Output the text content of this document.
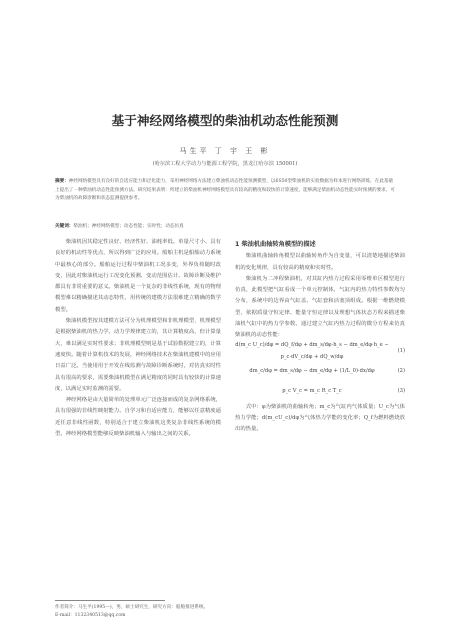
基于神经网络模型的柴油机动态性能预测
马生平 丁 宇 王 彬
(哈尔滨工程大学动力与能源工程学院，黑龙江哈尔滨 150001)
摘要：神经网络模型具有良好的自适应能力和泛化能力，采用神经网络方法建立柴油机动态性能预测模型，以6S50型柴油机的实验数据为样本进行网络训练，在此基础上提出了一种柴油机动态性能预测方法。研究结果表明：所建立的柴油机神经网络模型具有较高的精度和较快的计算速度，能够满足柴油机动态性能实时预测的要求，可为柴油机的故障诊断和状态监测提供参考。
关键词：柴油机；神经网络模型；动态性能；实时性；动态仿真

柴油机因其稳定性良好、经济性好、油耗率低、单量尺寸小、具有良好的机动性等优点，所以得到广泛的应用。船舶主机是船舶动力系统中最核心的部分。船舶运行过程中柴油机工况多变，外界负荷随时改变，因此对柴油机运行工况变化预测、变动范围估计、故障诊断及维护都具有非常重要的意义。柴油机是一个复杂的非线性系统，现有的物理模型难以精确描述其动态特性，用传统的建模方法很难建立精确的数学模型。

柴油机模型按其建模方法可分为机理模型和非机理模型，机理模型是根据柴油机的热力学、动力学规律建立的，其计算精度高，但计算量大，难以满足实时性要求；非机理模型则是基于试验数据建立的，计算速度快。随着计算机技术的发展，神经网络技术在柴油机建模中的应用日益广泛。当使用用于开发在线监测与故障诊断系统时，对仿真实时性具有很高的要求，需要柴油机模型在满足精度的同时具有较快的计算速度，以满足实时监测的需要。

神经网络是由大量简单的处理单元广泛连接而成的复杂网络系统，具有很强的非线性映射能力、自学习和自适应能力，能够以任意精度逼近任意非线性函数，特别适合于建立柴油机这类复杂非线性系统的模型。神经网络模型能够反映柴油机输入与输出之间的关系。

1 柴油机曲轴转角模型的描述

柴油机曲轴转角模型以曲轴转角作为自变量，可以清楚地描述柴油机的变化规律，具有较高的精度和实时性。

柴油机为二冲程柴油机，对其缸内热力过程采用零维单区模型进行仿真，此模型把气缸看成一个单元控制体，气缸内的热力特性参数均匀分布，系统中的边界由气缸盖、气缸套和活塞顶组成。根据一维燃烧模型，依据质量守恒定律、能量守恒定律以及理想气体状态方程来描述柴油机气缸中的热力学参数。通过建立气缸内热力过程的微分方程来仿真柴油机的动态性能：

d(m_c U_c)/dφ = dQ_f/dφ + dm_s/dφ·h_s − dm_e/dφ·h_e − p_c·dV_c/dφ + dQ_w/dφ
(1)
dm_c/dφ = dm_s/dφ − dm_e/dφ + (1/L_0)·dx/dφ	(2)
p_c V_c = m_c R_c T_c	(3)

式中：φ为柴油机的曲轴转角；m_c为气缸内气体质量；U_c为气体热力学能；d(m_cU_c)/dφ为气体热力学能的变化率；Q_f为燃料燃烧放出的热量。

作者简介：马生平(1995—)，男，硕士研究生，研究方向：船舶推进系统。
E-mail：1132340513@qq.com
